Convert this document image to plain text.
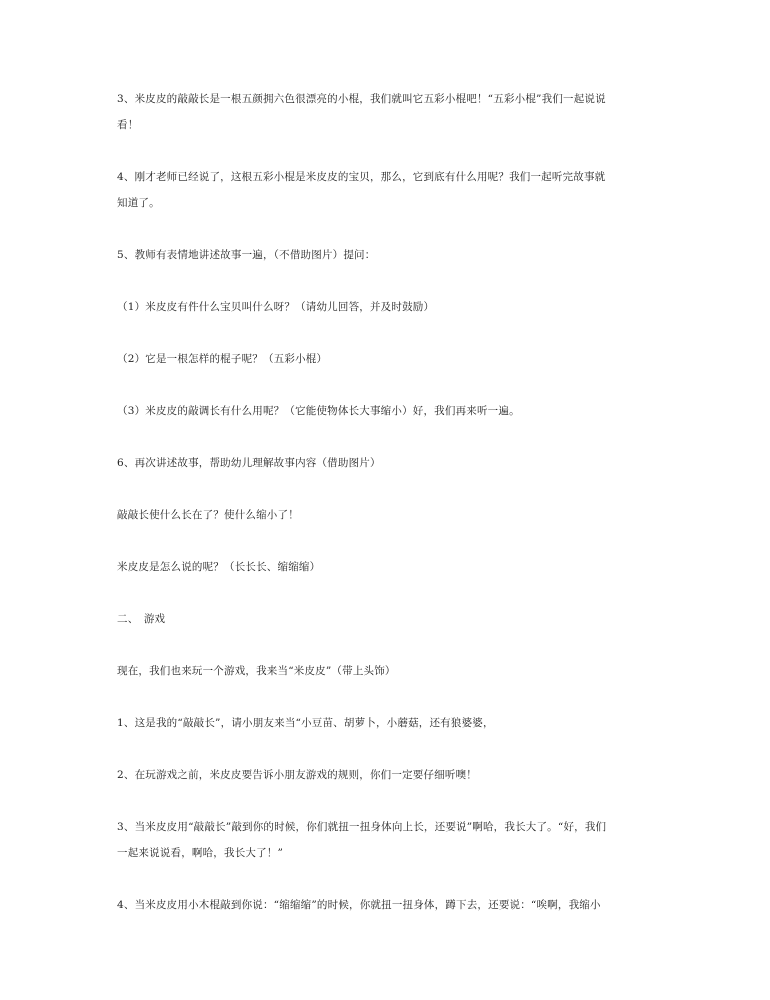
3、米皮皮的敲敲长是一根五颜拥六色很漂亮的小棍，我们就叫它五彩小棍吧！“五彩小棍”我们一起说说
看！
4、刚才老师已经说了，这根五彩小棍是米皮皮的宝贝，那么，它到底有什么用呢？我们一起听完故事就
知道了。
5、教师有表情地讲述故事一遍，（不借助图片）提问：
（1）米皮皮有件什么宝贝叫什么呀？（请幼儿回答，并及时鼓励）
（2）它是一根怎样的棍子呢？（五彩小棍）
（3）米皮皮的敲调长有什么用呢？（它能使物体长大事缩小）好，我们再来听一遍。
6、再次讲述故事，帮助幼儿理解故事内容（借助图片）
敲敲长使什么长在了？使什么缩小了！
米皮皮是怎么说的呢？（长长长、缩缩缩）
二、　游戏
现在，我们也来玩一个游戏，我来当“米皮皮”（带上头饰）
1、这是我的“敲敲长”，请小朋友来当“小豆苗、胡萝卜，小蘑菇，还有狼婆婆，
2、在玩游戏之前，米皮皮要告诉小朋友游戏的规则，你们一定要仔细听噢！
3、当米皮皮用“敲敲长”敲到你的时候，你们就扭一扭身体向上长，还要说”啊哈，我长大了。“好，我们
一起来说说看，啊哈，我长大了！”
4、当米皮皮用小木棍敲到你说：“缩缩缩”的时候，你就扭一扭身体，蹲下去，还要说：“唉啊，我缩小
